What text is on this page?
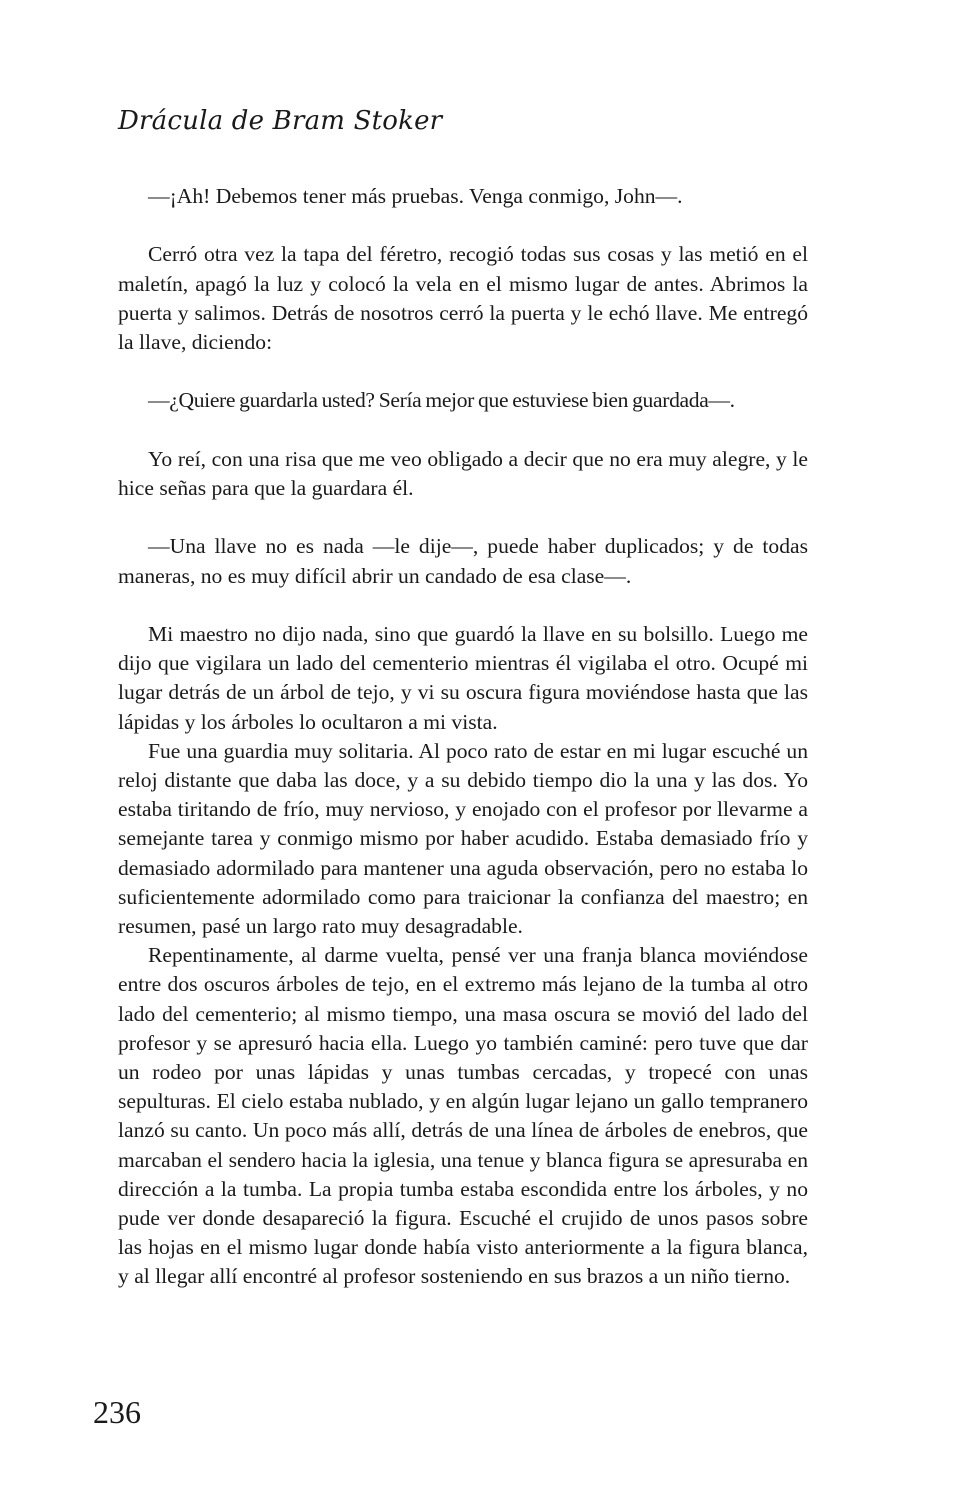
Drácula de Bram Stoker

—¡Ah! Debemos tener más pruebas. Venga conmigo, John—.

Cerró otra vez la tapa del féretro, recogió todas sus cosas y las metió en el maletín, apagó la luz y colocó la vela en el mismo lugar de antes. Abrimos la puerta y salimos. Detrás de nosotros cerró la puerta y le echó llave. Me entregó la llave, diciendo:

—¿Quiere guardarla usted? Sería mejor que estuviese bien guardada—.

Yo reí, con una risa que me veo obligado a decir que no era muy alegre, y le hice señas para que la guardara él.

—Una llave no es nada —le dije—, puede haber duplicados; y de todas maneras, no es muy difícil abrir un candado de esa clase—.

Mi maestro no dijo nada, sino que guardó la llave en su bolsillo. Luego me dijo que vigilara un lado del cementerio mientras él vigilaba el otro. Ocupé mi lugar detrás de un árbol de tejo, y vi su oscura figura moviéndose hasta que las lápidas y los árboles lo ocultaron a mi vista.

Fue una guardia muy solitaria. Al poco rato de estar en mi lugar escuché un reloj distante que daba las doce, y a su debido tiempo dio la una y las dos. Yo estaba tiritando de frío, muy nervioso, y enojado con el profesor por llevarme a semejante tarea y conmigo mismo por haber acudido. Estaba demasiado frío y demasiado adormilado para mantener una aguda observación, pero no estaba lo suficientemente adormilado como para traicionar la confianza del maestro; en resumen, pasé un largo rato muy desagradable.

Repentinamente, al darme vuelta, pensé ver una franja blanca moviéndose entre dos oscuros árboles de tejo, en el extremo más lejano de la tumba al otro lado del cementerio; al mismo tiempo, una masa oscura se movió del lado del profesor y se apresuró hacia ella. Luego yo también caminé: pero tuve que dar un rodeo por unas lápidas y unas tumbas cercadas, y tropecé con unas sepulturas. El cielo estaba nublado, y en algún lugar lejano un gallo tempranero lanzó su canto. Un poco más allí, detrás de una línea de árboles de enebros, que marcaban el sendero hacia la iglesia, una tenue y blanca figura se apresuraba en dirección a la tumba. La propia tumba estaba escondida entre los árboles, y no pude ver donde desapareció la figura. Escuché el crujido de unos pasos sobre las hojas en el mismo lugar donde había visto anteriormente a la figura blanca, y al llegar allí encontré al profesor sosteniendo en sus brazos a un niño tierno.

236
